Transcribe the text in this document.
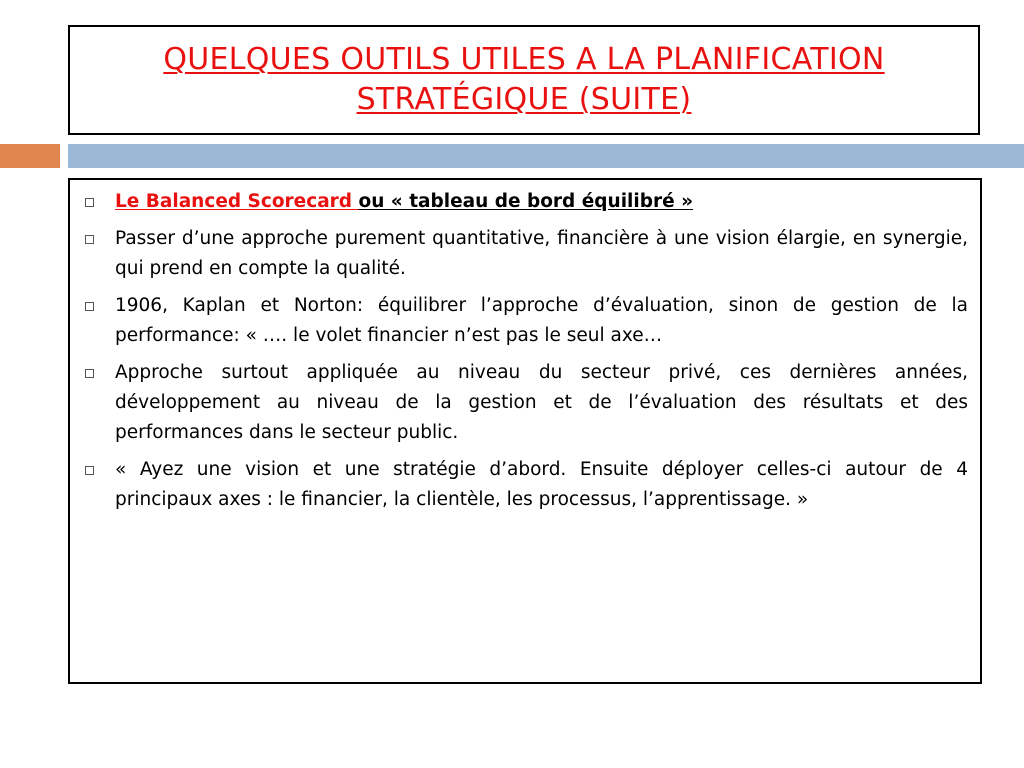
QUELQUES OUTILS UTILES A LA PLANIFICATION
STRATÉGIQUE (SUITE)
Le Balanced Scorecard ou « tableau de bord équilibré »
Passer d’une approche purement quantitative, financière à une vision élargie, en synergie, qui prend en compte la qualité.
1906, Kaplan et Norton: équilibrer l’approche d’évaluation, sinon de gestion de la performance: « …. le volet financier n’est pas le seul axe…
Approche surtout appliquée au niveau du secteur privé, ces dernières années, développement au niveau de la gestion et de l’évaluation des résultats et des performances dans le secteur public.
« Ayez une vision et une stratégie d’abord. Ensuite déployer celles-ci autour de 4 principaux axes : le financier, la clientèle, les processus, l’apprentissage. »
